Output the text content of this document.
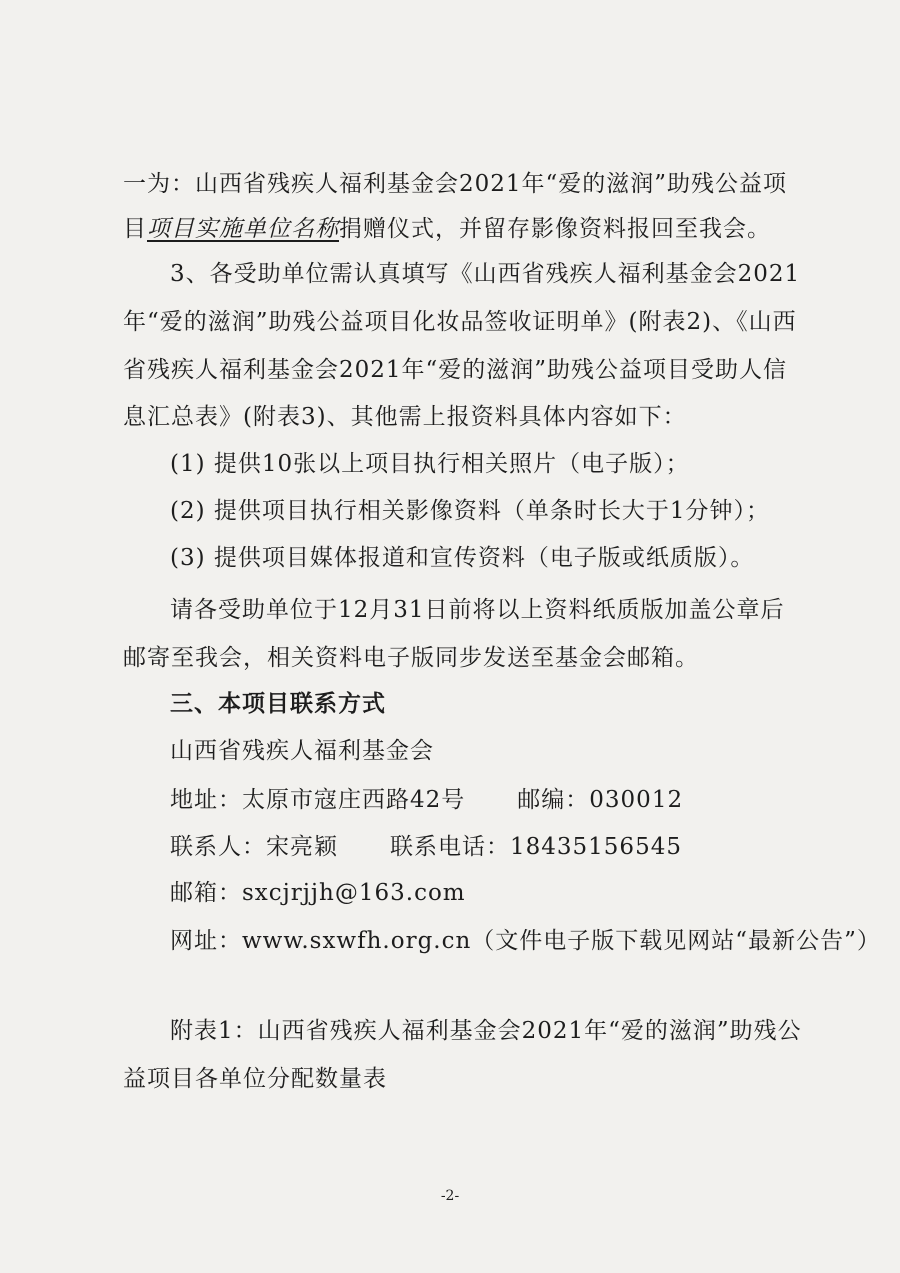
一为：山西省残疾人福利基金会2021年“爱的滋润”助残公益项
目项目实施单位名称捐赠仪式，并留存影像资料报回至我会。
3、各受助单位需认真填写《山西省残疾人福利基金会2021
年“爱的滋润”助残公益项目化妆品签收证明单》(附表2)、《山西
省残疾人福利基金会2021年“爱的滋润”助残公益项目受助人信
息汇总表》(附表3)、其他需上报资料具体内容如下：
(1) 提供10张以上项目执行相关照片（电子版）；
(2) 提供项目执行相关影像资料（单条时长大于1分钟）；
(3) 提供项目媒体报道和宣传资料（电子版或纸质版）。
请各受助单位于12月31日前将以上资料纸质版加盖公章后
邮寄至我会，相关资料电子版同步发送至基金会邮箱。
三、本项目联系方式
山西省残疾人福利基金会
地址：太原市寇庄西路42号 邮编：030012
联系人：宋亮颖 联系电话：18435156545
邮箱：sxcjrjjh@163.com
网址：www.sxwfh.org.cn（文件电子版下载见网站“最新公告”）
附表1：山西省残疾人福利基金会2021年“爱的滋润”助残公
益项目各单位分配数量表
-2-
